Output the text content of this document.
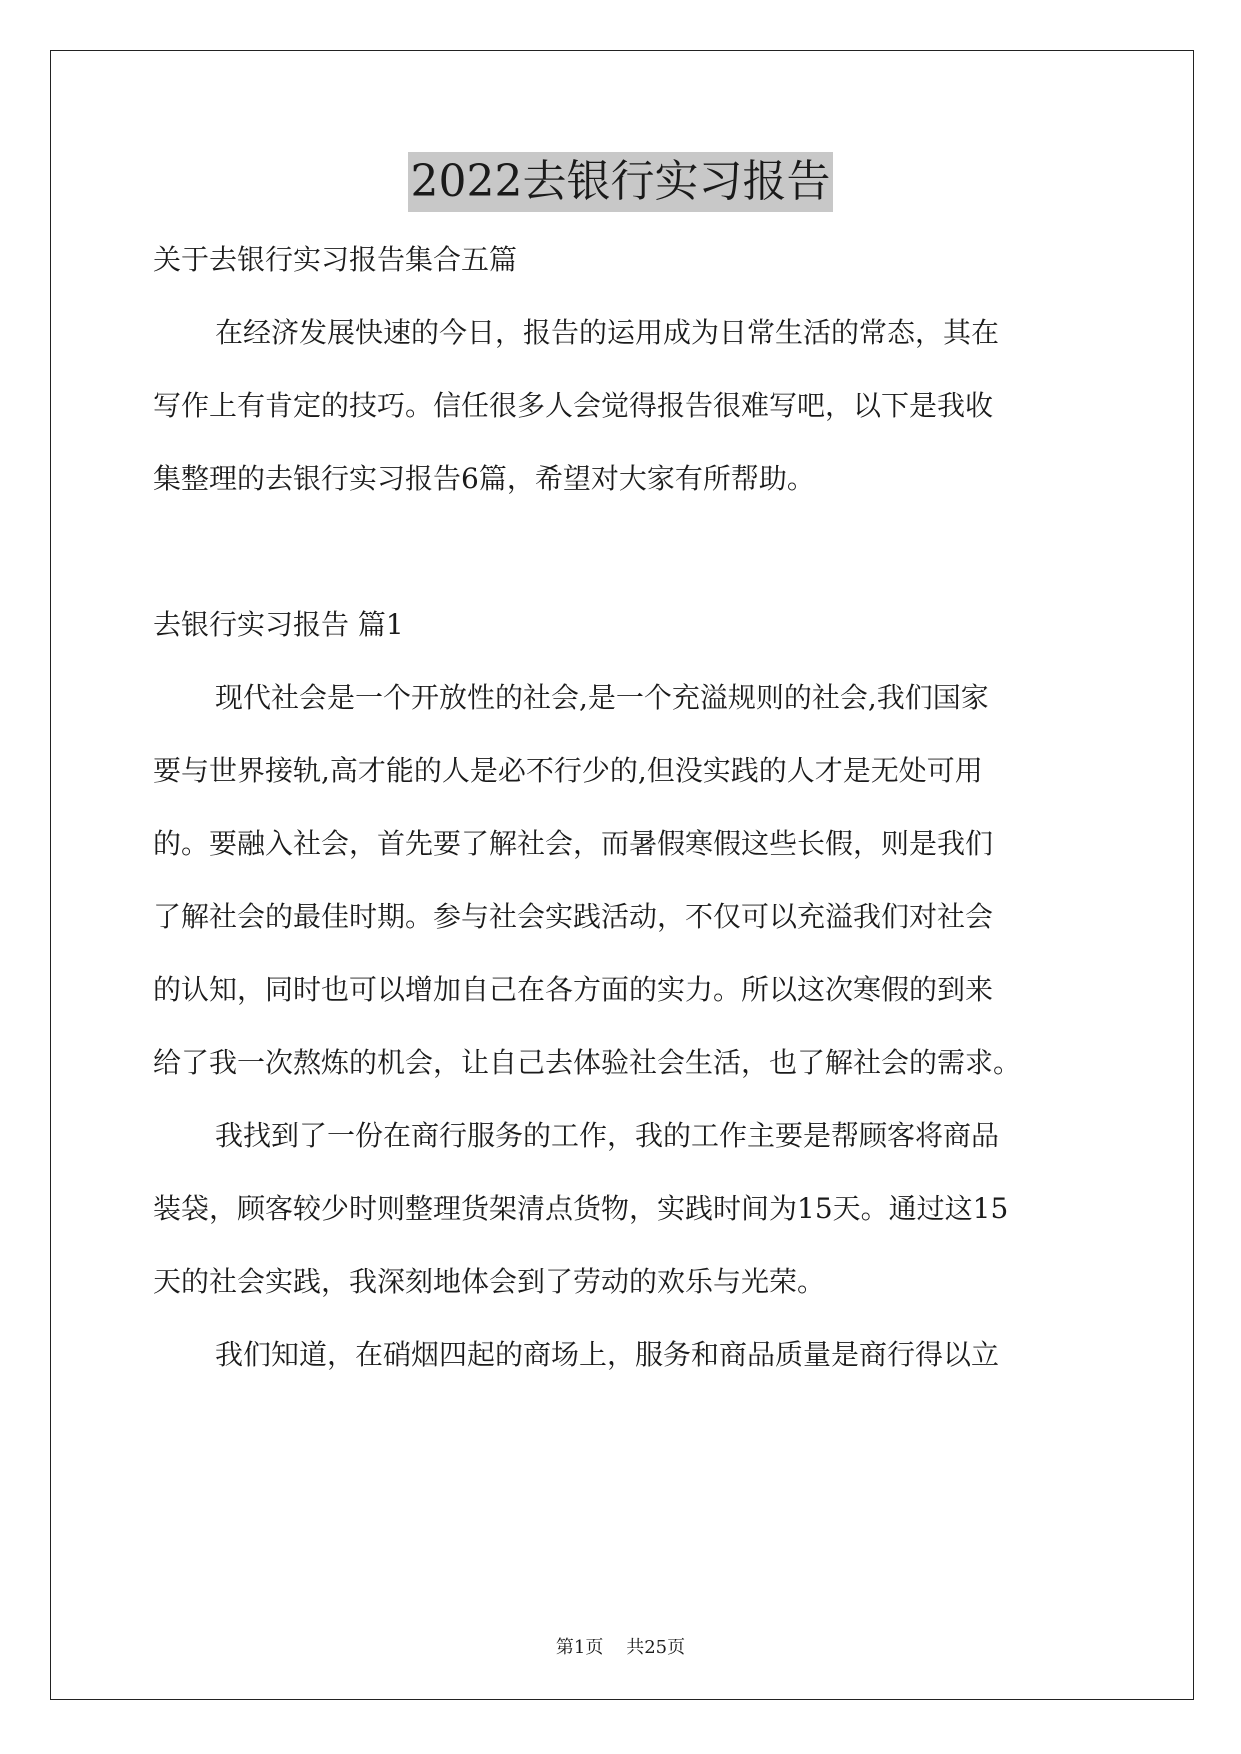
2022去银行实习报告
关于去银行实习报告集合五篇
在经济发展快速的今日，报告的运用成为日常生活的常态，其在
写作上有肯定的技巧。信任很多人会觉得报告很难写吧，以下是我收
集整理的去银行实习报告6篇，希望对大家有所帮助。
去银行实习报告 篇1
现代社会是一个开放性的社会,是一个充溢规则的社会,我们国家
要与世界接轨,高才能的人是必不行少的,但没实践的人才是无处可用
的。要融入社会，首先要了解社会，而暑假寒假这些长假，则是我们
了解社会的最佳时期。参与社会实践活动，不仅可以充溢我们对社会
的认知，同时也可以增加自己在各方面的实力。所以这次寒假的到来
给了我一次熬炼的机会，让自己去体验社会生活，也了解社会的需求。
我找到了一份在商行服务的工作，我的工作主要是帮顾客将商品
装袋，顾客较少时则整理货架清点货物，实践时间为15天。通过这15
天的社会实践，我深刻地体会到了劳动的欢乐与光荣。
我们知道，在硝烟四起的商场上，服务和商品质量是商行得以立
第1页 共25页
